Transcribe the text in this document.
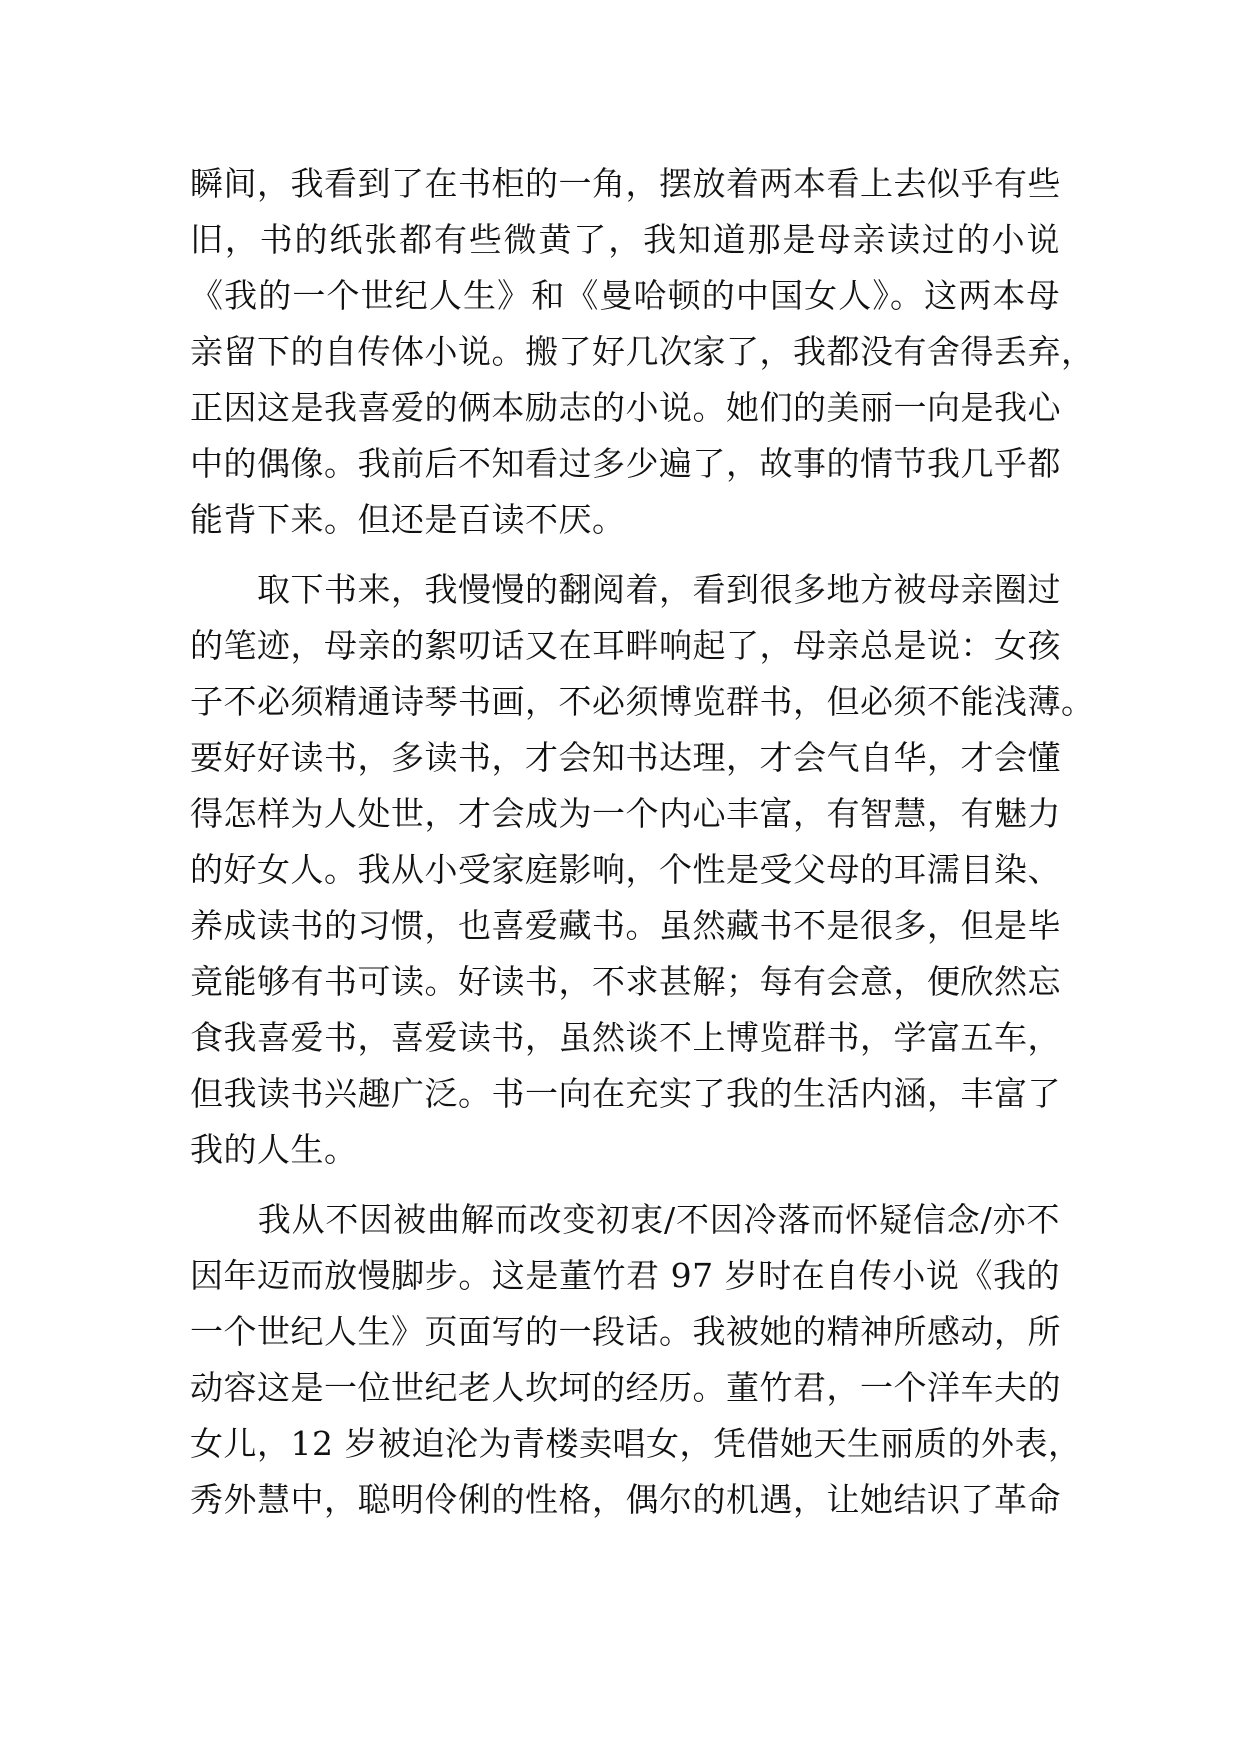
瞬间，我看到了在书柜的一角，摆放着两本看上去似乎有些
旧，书的纸张都有些微黄了，我知道那是母亲读过的小说
《我的一个世纪人生》和《曼哈顿的中国女人》。这两本母
亲留下的自传体小说。搬了好几次家了，我都没有舍得丢弃，
正因这是我喜爱的俩本励志的小说。她们的美丽一向是我心
中的偶像。我前后不知看过多少遍了，故事的情节我几乎都
能背下来。但还是百读不厌。
　　取下书来，我慢慢的翻阅着，看到很多地方被母亲圈过
的笔迹，母亲的絮叨话又在耳畔响起了，母亲总是说：女孩
子不必须精通诗琴书画，不必须博览群书，但必须不能浅薄。
要好好读书，多读书，才会知书达理，才会气自华，才会懂
得怎样为人处世，才会成为一个内心丰富，有智慧，有魅力
的好女人。我从小受家庭影响，个性是受父母的耳濡目染、
养成读书的习惯，也喜爱藏书。虽然藏书不是很多，但是毕
竟能够有书可读。好读书，不求甚解；每有会意，便欣然忘
食我喜爱书，喜爱读书，虽然谈不上博览群书，学富五车，
但我读书兴趣广泛。书一向在充实了我的生活内涵，丰富了
我的人生。
　　我从不因被曲解而改变初衷/不因冷落而怀疑信念/亦不
因年迈而放慢脚步。这是董竹君 97 岁时在自传小说《我的
一个世纪人生》页面写的一段话。我被她的精神所感动，所
动容这是一位世纪老人坎坷的经历。董竹君，一个洋车夫的
女儿，12 岁被迫沦为青楼卖唱女，凭借她天生丽质的外表，
秀外慧中，聪明伶俐的性格，偶尔的机遇，让她结识了革命
